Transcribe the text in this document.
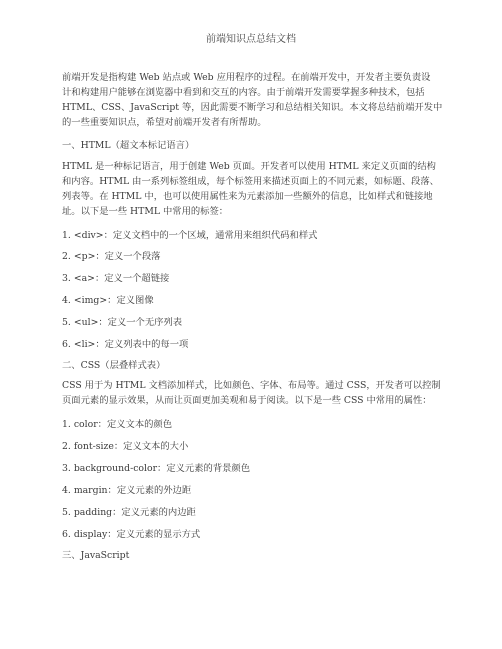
前端知识点总结文档
前端开发是指构建 Web 站点或 Web 应用程序的过程。在前端开发中，开发者主要负责设
计和构建用户能够在浏览器中看到和交互的内容。由于前端开发需要掌握多种技术，包括
HTML、CSS、JavaScript 等，因此需要不断学习和总结相关知识。本文将总结前端开发中
的一些重要知识点，希望对前端开发者有所帮助。
一、HTML（超文本标记语言）
HTML 是一种标记语言，用于创建 Web 页面。开发者可以使用 HTML 来定义页面的结构
和内容。HTML 由一系列标签组成，每个标签用来描述页面上的不同元素，如标题、段落、
列表等。在 HTML 中，也可以使用属性来为元素添加一些额外的信息，比如样式和链接地
址。以下是一些 HTML 中常用的标签：
1. <div>：定义文档中的一个区域，通常用来组织代码和样式
2. <p>：定义一个段落
3. <a>：定义一个超链接
4. <img>：定义图像
5. <ul>：定义一个无序列表
6. <li>：定义列表中的每一项
二、CSS（层叠样式表）
CSS 用于为 HTML 文档添加样式，比如颜色、字体、布局等。通过 CSS，开发者可以控制
页面元素的显示效果，从而让页面更加美观和易于阅读。以下是一些 CSS 中常用的属性：
1. color：定义文本的颜色
2. font-size：定义文本的大小
3. background-color：定义元素的背景颜色
4. margin：定义元素的外边距
5. padding：定义元素的内边距
6. display：定义元素的显示方式
三、JavaScript
